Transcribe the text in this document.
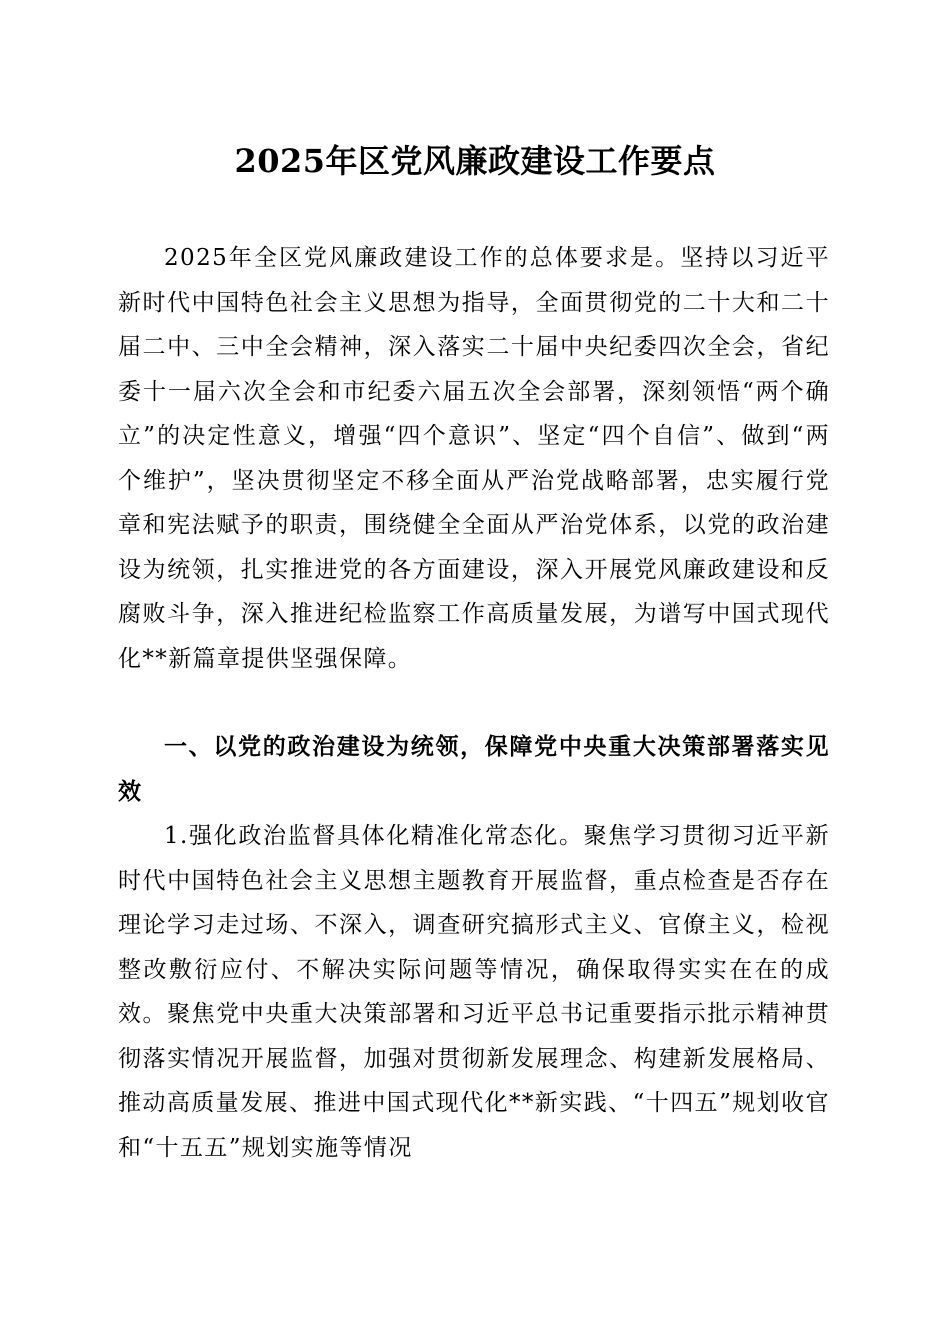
2025年区党风廉政建设工作要点

2025年全区党风廉政建设工作的总体要求是。坚持以习近平新时代中国特色社会主义思想为指导，全面贯彻党的二十大和二十届二中、三中全会精神，深入落实二十届中央纪委四次全会，省纪委十一届六次全会和市纪委六届五次全会部署，深刻领悟“两个确立”的决定性意义，增强“四个意识”、坚定“四个自信”、做到“两个维护”，坚决贯彻坚定不移全面从严治党战略部署，忠实履行党章和宪法赋予的职责，围绕健全全面从严治党体系，以党的政治建设为统领，扎实推进党的各方面建设，深入开展党风廉政建设和反腐败斗争，深入推进纪检监察工作高质量发展，为谱写中国式现代化**新篇章提供坚强保障。

一、以党的政治建设为统领，保障党中央重大决策部署落实见效

1.强化政治监督具体化精准化常态化。聚焦学习贯彻习近平新时代中国特色社会主义思想主题教育开展监督，重点检查是否存在理论学习走过场、不深入，调查研究搞形式主义、官僚主义，检视整改敷衍应付、不解决实际问题等情况，确保取得实实在在的成效。聚焦党中央重大决策部署和习近平总书记重要指示批示精神贯彻落实情况开展监督，加强对贯彻新发展理念、构建新发展格局、推动高质量发展、推进中国式现代化**新实践、“十四五”规划收官和“十五五”规划实施等情况
